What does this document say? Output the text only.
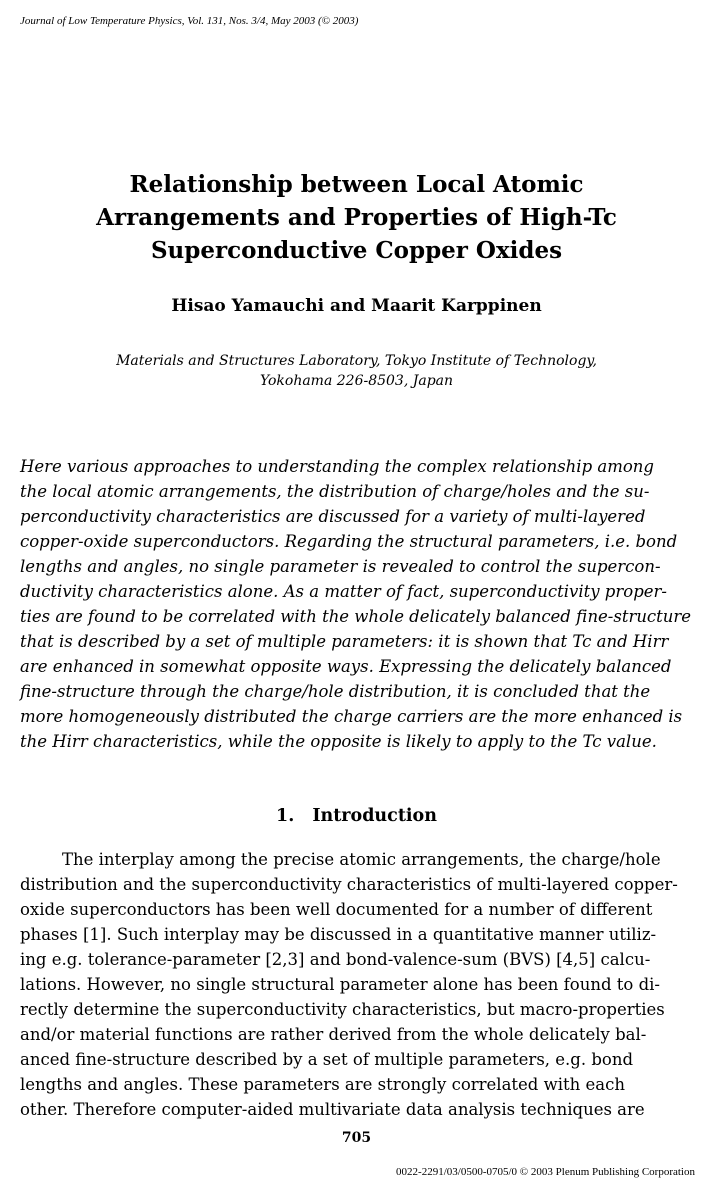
Journal of Low Temperature Physics, Vol. 131, Nos. 3/4, May 2003 (© 2003)
Relationship between Local Atomic
Arrangements and Properties of High-Tc
Superconductive Copper Oxides
Hisao Yamauchi and Maarit Karppinen
Materials and Structures Laboratory, Tokyo Institute of Technology,
Yokohama 226-8503, Japan
Here various approaches to understanding the complex relationship among
the local atomic arrangements, the distribution of charge/holes and the su-
perconductivity characteristics are discussed for a variety of multi-layered
copper-oxide superconductors. Regarding the structural parameters, i.e. bond
lengths and angles, no single parameter is revealed to control the supercon-
ductivity characteristics alone. As a matter of fact, superconductivity proper-
ties are found to be correlated with the whole delicately balanced fine-structure
that is described by a set of multiple parameters: it is shown that Tc and Hirr
are enhanced in somewhat opposite ways. Expressing the delicately balanced
fine-structure through the charge/hole distribution, it is concluded that the
more homogeneously distributed the charge carriers are the more enhanced is
the Hirr characteristics, while the opposite is likely to apply to the Tc value.
1. Introduction
The interplay among the precise atomic arrangements, the charge/hole
distribution and the superconductivity characteristics of multi-layered copper-
oxide superconductors has been well documented for a number of different
phases [1]. Such interplay may be discussed in a quantitative manner utiliz-
ing e.g. tolerance-parameter [2,3] and bond-valence-sum (BVS) [4,5] calcu-
lations. However, no single structural parameter alone has been found to di-
rectly determine the superconductivity characteristics, but macro-properties
and/or material functions are rather derived from the whole delicately bal-
anced fine-structure described by a set of multiple parameters, e.g. bond
lengths and angles. These parameters are strongly correlated with each
other. Therefore computer-aided multivariate data analysis techniques are
705
0022-2291/03/0500-0705/0 © 2003 Plenum Publishing Corporation
